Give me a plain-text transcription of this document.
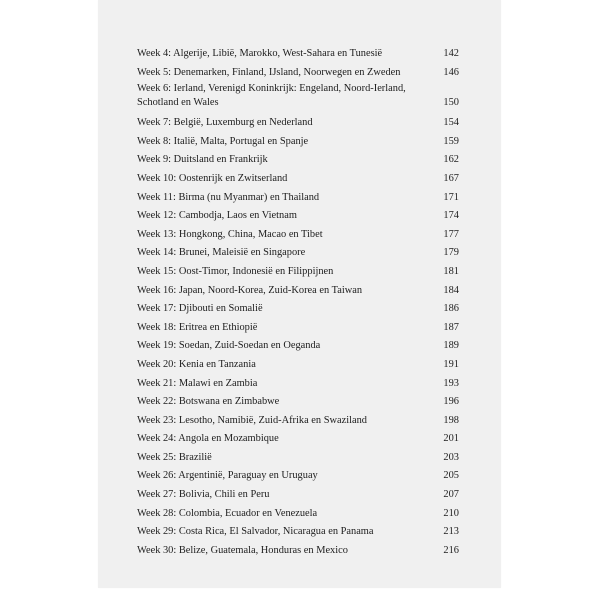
Week 4: Algerije, Libië, Marokko, West-Sahara en Tunesië	142
Week 5: Denemarken, Finland, IJsland, Noorwegen en Zweden	146
Week 6: Ierland, Verenigd Koninkrijk: Engeland, Noord-Ierland, Schotland en Wales	150
Week 7: België, Luxemburg en Nederland	154
Week 8: Italië, Malta, Portugal en Spanje	159
Week 9: Duitsland en Frankrijk	162
Week 10: Oostenrijk en Zwitserland	167
Week 11: Birma (nu Myanmar) en Thailand	171
Week 12: Cambodja, Laos en Vietnam	174
Week 13: Hongkong, China, Macao en Tibet	177
Week 14: Brunei, Maleisië en Singapore	179
Week 15: Oost-Timor, Indonesië en Filippijnen	181
Week 16: Japan, Noord-Korea, Zuid-Korea en Taiwan	184
Week 17: Djibouti en Somalië	186
Week 18: Eritrea en Ethiopië	187
Week 19: Soedan, Zuid-Soedan en Oeganda	189
Week 20: Kenia en Tanzania	191
Week 21: Malawi en Zambia	193
Week 22: Botswana en Zimbabwe	196
Week 23: Lesotho, Namibië, Zuid-Afrika en Swaziland	198
Week 24: Angola en Mozambique	201
Week 25: Brazilië	203
Week 26: Argentinië, Paraguay en Uruguay	205
Week 27: Bolivia, Chili en Peru	207
Week 28: Colombia, Ecuador en Venezuela	210
Week 29: Costa Rica, El Salvador, Nicaragua en Panama	213
Week 30: Belize, Guatemala, Honduras en Mexico	216
